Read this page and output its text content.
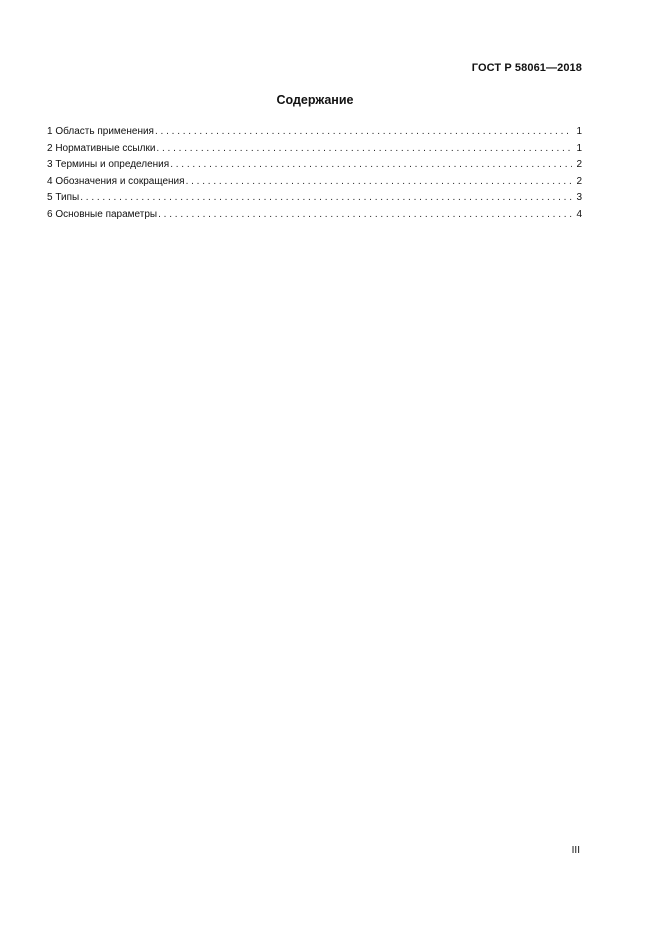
ГОСТ Р 58061—2018
Содержание
1 Область применения . . .	1
2 Нормативные ссылки . . .	1
3 Термины и определения . . .	2
4 Обозначения и сокращения . . .	2
5 Типы . . .	3
6 Основные параметры . . .	4
III
